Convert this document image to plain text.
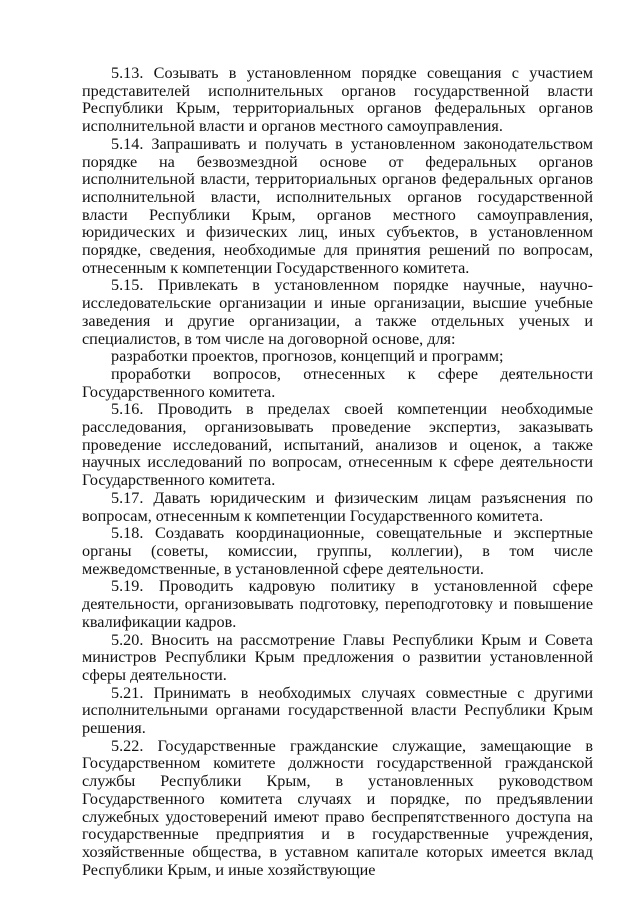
5.13. Созывать в установленном порядке совещания с участием представителей исполнительных органов государственной власти Республики Крым, территориальных органов федеральных органов исполнительной власти и органов местного самоуправления.

5.14. Запрашивать и получать в установленном законодательством порядке на безвозмездной основе от федеральных органов исполнительной власти, территориальных органов федеральных органов исполнительной власти, исполнительных органов государственной власти Республики Крым, органов местного самоуправления, юридических и физических лиц, иных субъектов, в установленном порядке, сведения, необходимые для принятия решений по вопросам, отнесенным к компетенции Государственного комитета.

5.15. Привлекать в установленном порядке научные, научно-исследовательские организации и иные организации, высшие учебные заведения и другие организации, а также отдельных ученых и специалистов, в том числе на договорной основе, для:

разработки проектов, прогнозов, концепций и программ;

проработки вопросов, отнесенных к сфере деятельности Государственного комитета.

5.16. Проводить в пределах своей компетенции необходимые расследования, организовывать проведение экспертиз, заказывать проведение исследований, испытаний, анализов и оценок, а также научных исследований по вопросам, отнесенным к сфере деятельности Государственного комитета.

5.17. Давать юридическим и физическим лицам разъяснения по вопросам, отнесенным к компетенции Государственного комитета.

5.18. Создавать координационные, совещательные и экспертные органы (советы, комиссии, группы, коллегии), в том числе межведомственные, в установленной сфере деятельности.

5.19. Проводить кадровую политику в установленной сфере деятельности, организовывать подготовку, переподготовку и повышение квалификации кадров.

5.20. Вносить на рассмотрение Главы Республики Крым и Совета министров Республики Крым предложения о развитии установленной сферы деятельности.

5.21. Принимать в необходимых случаях совместные с другими исполнительными органами государственной власти Республики Крым решения.

5.22. Государственные гражданские служащие, замещающие в Государственном комитете должности государственной гражданской службы Республики Крым, в установленных руководством Государственного комитета случаях и порядке, по предъявлении служебных удостоверений имеют право беспрепятственного доступа на государственные предприятия и в государственные учреждения, хозяйственные общества, в уставном капитале которых имеется вклад Республики Крым, и иные хозяйствующие
